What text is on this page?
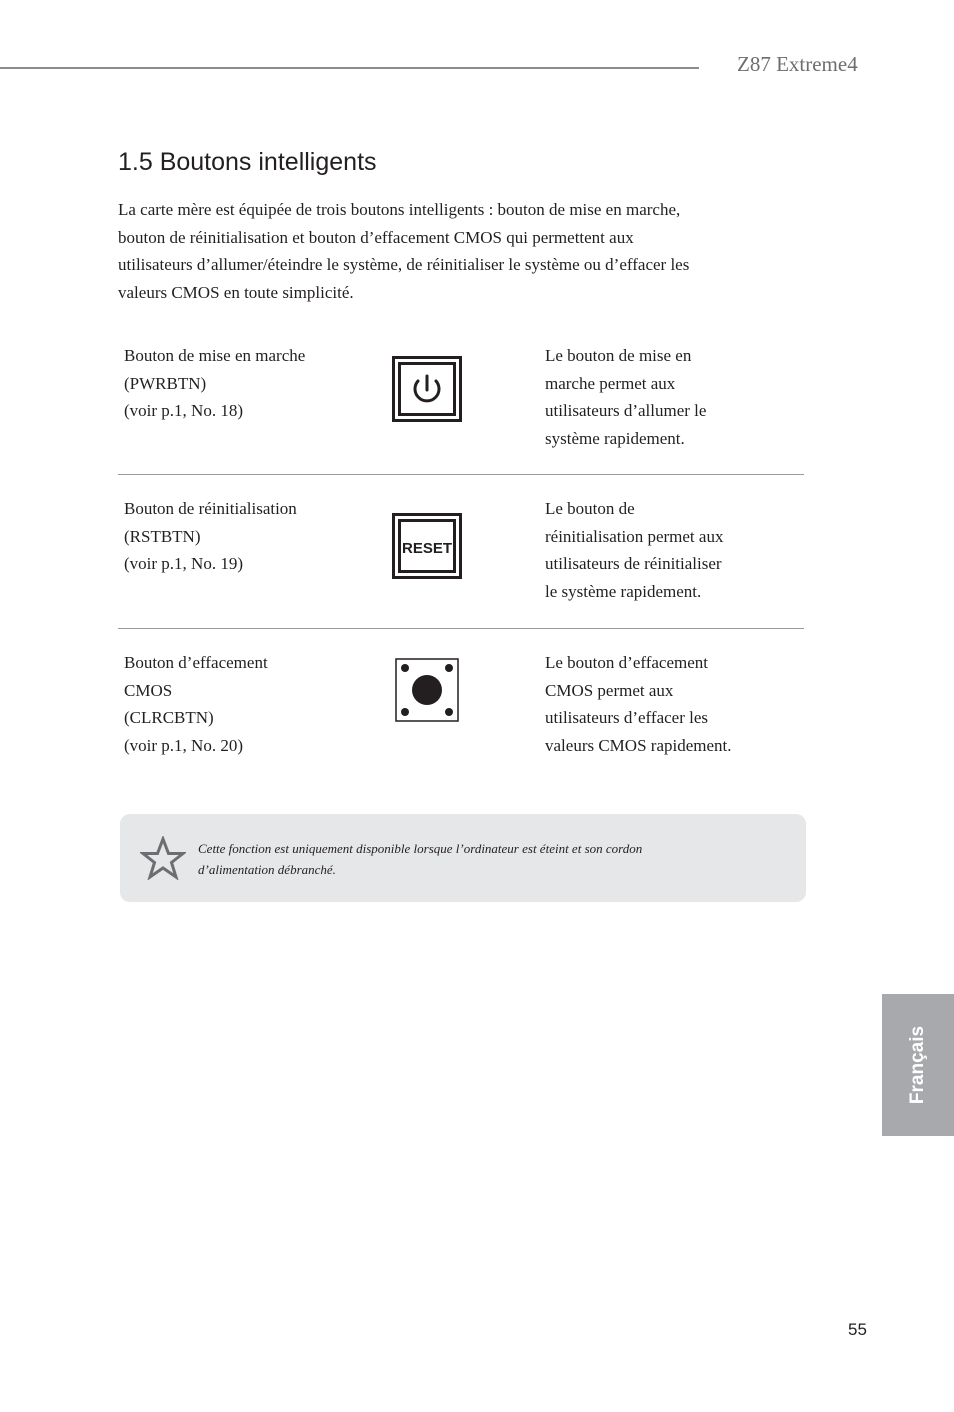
Z87 Extreme4
1.5 Boutons intelligents

La carte mère est équipée de trois boutons intelligents : bouton de mise en marche,
bouton de réinitialisation et bouton d’effacement CMOS qui permettent aux
utilisateurs d’allumer/éteindre le système, de réinitialiser le système ou d’effacer les
valeurs CMOS en toute simplicité.

Bouton de mise en marche
(PWRBTN)
(voir p.1, No. 18)
Le bouton de mise en
marche permet aux
utilisateurs d’allumer le
système rapidement.
Bouton de réinitialisation
(RSTBTN)
(voir p.1, No. 19)
RESET
Le bouton de
réinitialisation permet aux
utilisateurs de réinitialiser
le système rapidement.
Bouton d’effacement
CMOS
(CLRCBTN)
(voir p.1, No. 20)
Le bouton d’effacement
CMOS permet aux
utilisateurs d’effacer les
valeurs CMOS rapidement.
Cette fonction est uniquement disponible lorsque l’ordinateur est éteint et son cordon
d’alimentation débranché.
Français
55
